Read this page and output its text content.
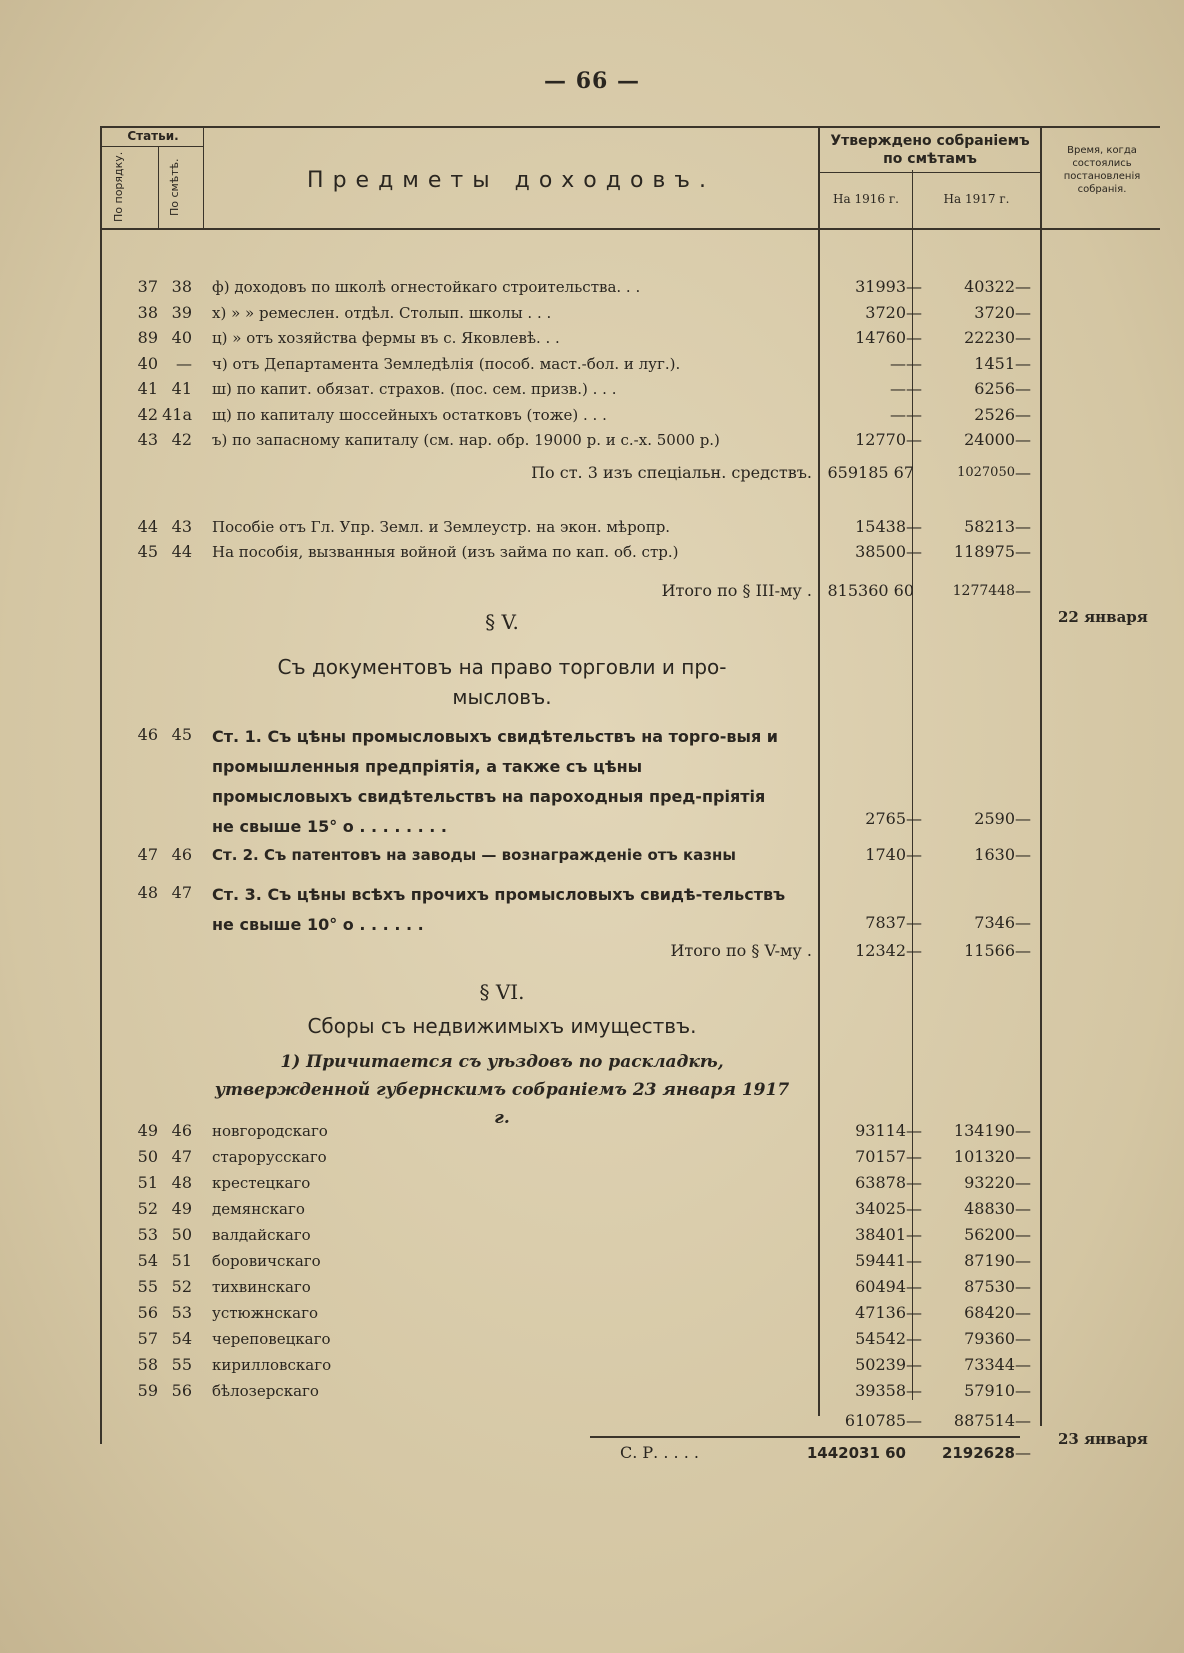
— 66 —
Статьи.
По порядку.	По смѣтѣ.	Предметы доходовъ.
Утверждено собраніемъ по смѣтамъ
На 1916 г.	На 1917 г.
Время, когда состоялись постановленія собранія.
37 38 ф) доходовъ по школѣ огнестойкаго строительства. . .	31993 —	40322 —
38 39 х) » » ремеслен. отдѣл. Столып. школы . . .	3720 —	3720 —
89 40 ц) » отъ хозяйства фермы въ с. Яковлевѣ. . .	14760 —	22230 —
40	— ч) отъ Департамента Земледѣлія (пособ. маст.-бол. и луг.).	— —	1451 —
41 41 ш) по капит. обязат. страхов. (пос. сем. призв.) . . .	— —	6256 —
42 41а щ) по капиталу шоссейныхъ остатковъ (тоже) . . .	— —	2526 —
43 42 ъ) по запасному капиталу (см. нар. обр. 19000 р. и с.-х. 5000 р.)	12770 —	24000 —
По ст. 3 изъ спеціальн. средствъ. 659185 67	1027050 —
44 43 Пособіе отъ Гл. Упр. Земл. и Землеустр. на экон. мѣропр.	15438 —	58213 —
45 44 На пособія, вызванныя войной (изъ займа по кап. об. стр.)	38500 —	118975 —
Итого по § III-му . 815360 60	1277448 —
22 января
§ V.
Съ документовъ на право торговли и про-
мысловъ.
46 45 Ст. 1. Съ цѣны промысловыхъ свидѣтельствъ на торго-выя и промышленныя предпріятія, а также съ цѣны промысловыхъ свидѣтельствъ на пароходныя пред-пріятія не свыше 15° о . . . . . . . .	2765 —	2590 —
47 46 Ст. 2. Съ патентовъ на заводы — вознагражденіе отъ казны	1740 —	1630 —
48 47 Ст. 3. Съ цѣны всѣхъ прочихъ промысловыхъ свидѣ-тельствъ не свыше 10° о . . . . . .	7837 —	7346 —
Итого по § V-му .	12342 —	11566 —
§ VI.
Сборы съ недвижимыхъ имуществъ.
1) Причитается съ уѣздовъ по раскладкѣ, утвержденной губернскимъ собраніемъ 23 января 1917 г.
49 46 новгородскаго	93114 —	134190 —
50 47 старорусскаго	70157 —	101320 —
51 48 крестецкаго	63878 —	93220 —
52 49 демянскаго	34025 —	48830 —
53 50 валдайскаго	38401 —	56200 —
54 51 боровичскаго	59441 —	87190 —
55 52 тихвинскаго	60494 —	87530 —
56 53 устюжнскаго	47136 —	68420 —
57 54 череповецкаго	54542 —	79360 —
58 55 кирилловскаго	50239 —	73344 —
59 56 бѣлозерскаго	39358 —	57910 —
610785 —	887514 —
С. Р. . . . .	1442031 60	2192628 —
23 января
